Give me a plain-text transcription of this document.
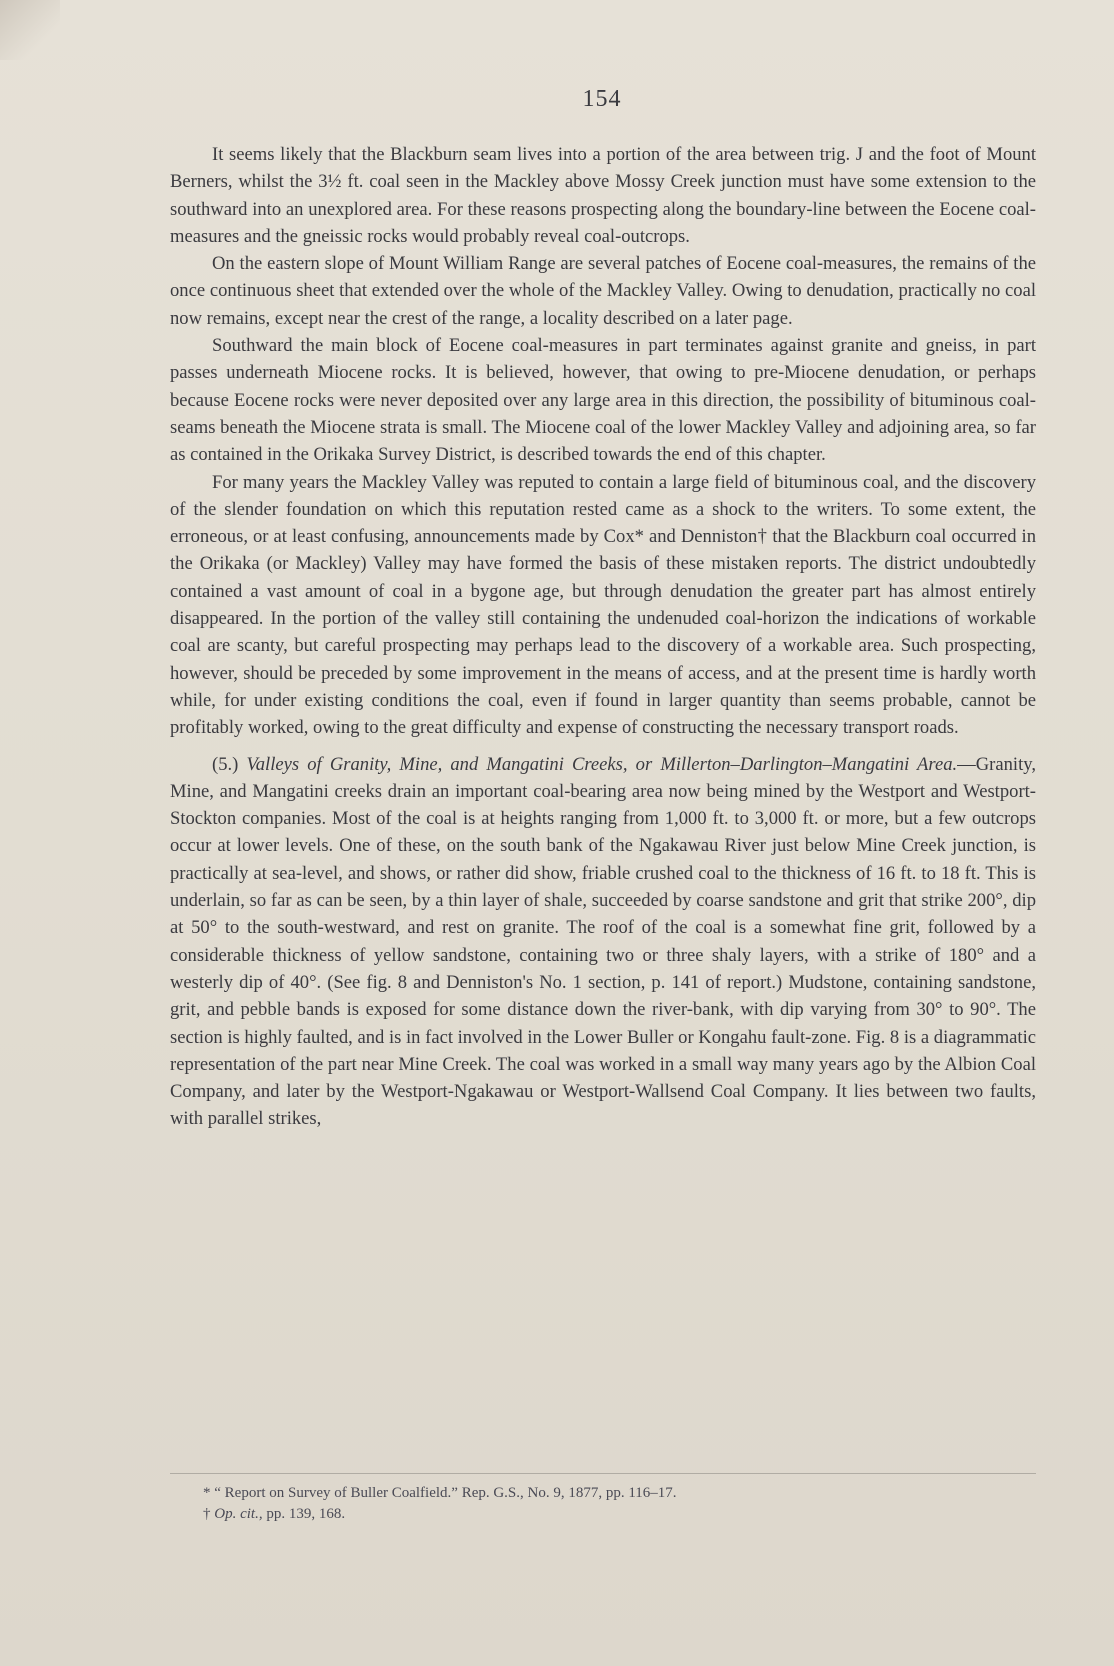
154

It seems likely that the Blackburn seam lives into a portion of the area between trig. J and the foot of Mount Berners, whilst the 3½ ft. coal seen in the Mackley above Mossy Creek junction must have some extension to the southward into an unexplored area. For these reasons prospecting along the boundary-line between the Eocene coal-measures and the gneissic rocks would probably reveal coal-outcrops.

On the eastern slope of Mount William Range are several patches of Eocene coal-measures, the remains of the once continuous sheet that extended over the whole of the Mackley Valley. Owing to denudation, practically no coal now remains, except near the crest of the range, a locality described on a later page.

Southward the main block of Eocene coal-measures in part terminates against granite and gneiss, in part passes underneath Miocene rocks. It is believed, however, that owing to pre-Miocene denudation, or perhaps because Eocene rocks were never deposited over any large area in this direction, the possibility of bituminous coal-seams beneath the Miocene strata is small. The Miocene coal of the lower Mackley Valley and adjoining area, so far as contained in the Orikaka Survey District, is described towards the end of this chapter.

For many years the Mackley Valley was reputed to contain a large field of bituminous coal, and the discovery of the slender foundation on which this reputation rested came as a shock to the writers. To some extent, the erroneous, or at least confusing, announcements made by Cox* and Denniston† that the Blackburn coal occurred in the Orikaka (or Mackley) Valley may have formed the basis of these mistaken reports. The district undoubtedly contained a vast amount of coal in a bygone age, but through denudation the greater part has almost entirely disappeared. In the portion of the valley still containing the undenuded coal-horizon the indications of workable coal are scanty, but careful prospecting may perhaps lead to the discovery of a workable area. Such prospecting, however, should be preceded by some improvement in the means of access, and at the present time is hardly worth while, for under existing conditions the coal, even if found in larger quantity than seems probable, cannot be profitably worked, owing to the great difficulty and expense of constructing the necessary transport roads.

(5.) Valleys of Granity, Mine, and Mangatini Creeks, or Millerton–Darlington–Mangatini Area.—Granity, Mine, and Mangatini creeks drain an important coal-bearing area now being mined by the Westport and Westport-Stockton companies. Most of the coal is at heights ranging from 1,000 ft. to 3,000 ft. or more, but a few outcrops occur at lower levels. One of these, on the south bank of the Ngakawau River just below Mine Creek junction, is practically at sea-level, and shows, or rather did show, friable crushed coal to the thickness of 16 ft. to 18 ft. This is underlain, so far as can be seen, by a thin layer of shale, succeeded by coarse sandstone and grit that strike 200°, dip at 50° to the south-westward, and rest on granite. The roof of the coal is a somewhat fine grit, followed by a considerable thickness of yellow sandstone, containing two or three shaly layers, with a strike of 180° and a westerly dip of 40°. (See fig. 8 and Denniston's No. 1 section, p. 141 of report.) Mudstone, containing sandstone, grit, and pebble bands is exposed for some distance down the river-bank, with dip varying from 30° to 90°. The section is highly faulted, and is in fact involved in the Lower Buller or Kongahu fault-zone. Fig. 8 is a diagrammatic representation of the part near Mine Creek. The coal was worked in a small way many years ago by the Albion Coal Company, and later by the Westport-Ngakawau or Westport-Wallsend Coal Company. It lies between two faults, with parallel strikes,

* “ Report on Survey of Buller Coalfield.” Rep. G.S., No. 9, 1877, pp. 116–17.

† Op. cit., pp. 139, 168.
